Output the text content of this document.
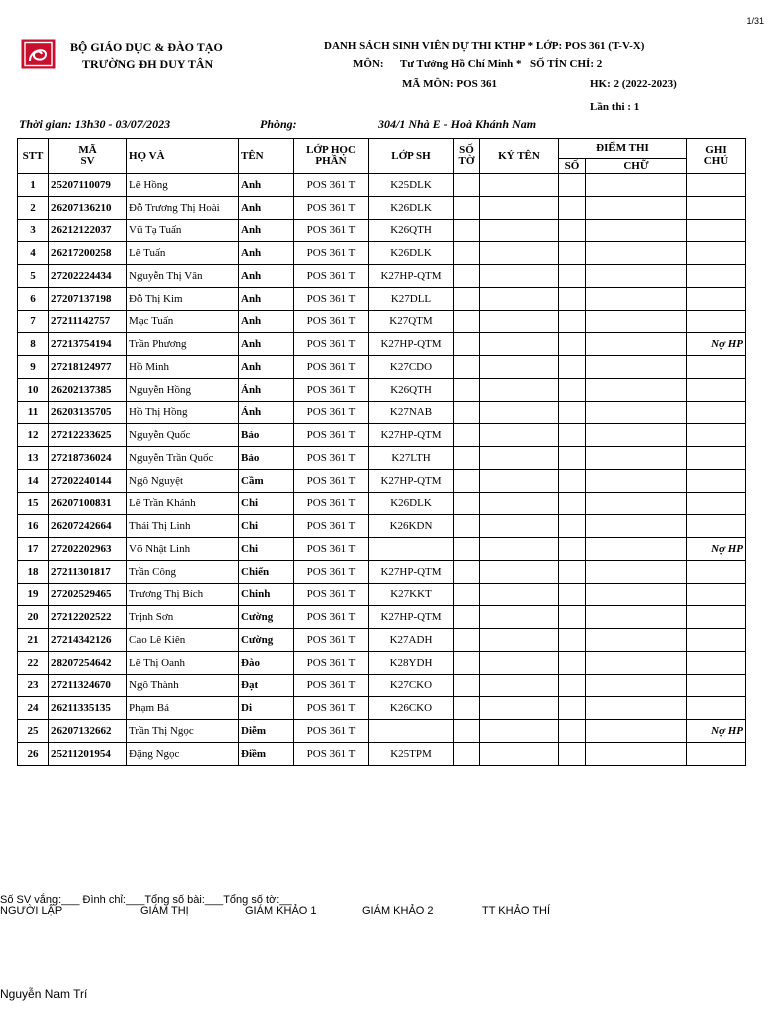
1/31
BỘ GIÁO DỤC & ĐÀO TẠO
TRƯỜNG ĐH DUY TÂN
DANH SÁCH SINH VIÊN DỰ THI KTHP * LỚP: POS 361 (T-V-X)
MÔN: Tư Tưởng Hồ Chí Minh * SỐ TÍN CHỈ: 2
MÃ MÔN: POS 361	HK: 2 (2022-2023)
Lần thi : 1
Thời gian: 13h30 - 03/07/2023	Phòng:	304/1 Nhà E - Hoà Khánh Nam
STT	MÃ
SV	HỌ VÀ	TÊN	LỚP HỌC
PHẦN	LỚP SH	SỐ
TỜ	KÝ TÊN	ĐIỂM THI		GHI
CHÚ

								SỐ	CHỮ	
1	25207110079	Lê Hồng	Anh	POS 361 T	K25DLK					
2	26207136210	Đỗ Trương Thị Hoài	Anh	POS 361 T	K26DLK					
3	26212122037	Vũ Tạ Tuấn	Anh	POS 361 T	K26QTH					
4	26217200258	Lê Tuấn	Anh	POS 361 T	K26DLK					
5	27202224434	Nguyễn Thị Vân	Anh	POS 361 T	K27HP-QTM					
6	27207137198	Đỗ Thị Kim	Anh	POS 361 T	K27DLL					
7	27211142757	Mạc Tuấn	Anh	POS 361 T	K27QTM					
8	27213754194	Trần Phương	Anh	POS 361 T	K27HP-QTM					Nợ HP
9	27218124977	Hồ Minh	Anh	POS 361 T	K27CDO					
10	26202137385	Nguyễn Hồng	Ánh	POS 361 T	K26QTH					
11	26203135705	Hồ Thị Hồng	Ánh	POS 361 T	K27NAB					
12	27212233625	Nguyễn Quốc	Bảo	POS 361 T	K27HP-QTM					
13	27218736024	Nguyễn Trần Quốc	Bảo	POS 361 T	K27LTH					
14	27202240144	Ngô Nguyệt	Cầm	POS 361 T	K27HP-QTM					
15	26207100831	Lê Trần Khánh	Chi	POS 361 T	K26DLK					
16	26207242664	Thái Thị Linh	Chi	POS 361 T	K26KDN					
17	27202202963	Võ Nhật Linh	Chi	POS 361 T						Nợ HP
18	27211301817	Trần Công	Chiến	POS 361 T	K27HP-QTM					
19	27202529465	Trương Thị Bích	Chinh	POS 361 T	K27KKT					
20	27212202522	Trịnh Sơn	Cường	POS 361 T	K27HP-QTM					
21	27214342126	Cao Lê Kiên	Cường	POS 361 T	K27ADH					
22	28207254642	Lê Thị Oanh	Đào	POS 361 T	K28YDH					
23	27211324670	Ngô Thành	Đạt	POS 361 T	K27CKO					
24	26211335135	Phạm Bá	Di	POS 361 T	K26CKO					
25	26207132662	Trần Thị Ngọc	Diễm	POS 361 T						Nợ HP
26	25211201954	Đặng Ngọc	Điềm	POS 361 T	K25TPM					
Số SV vắng:___ Đình chỉ:___Tổng số bài:___Tổng số tờ:__
NGƯỜI LẬP	GIÁM THỊ	GIÁM KHẢO 1	GIÁM KHẢO 2	TT KHẢO THÍ
Nguyễn Nam Trí
